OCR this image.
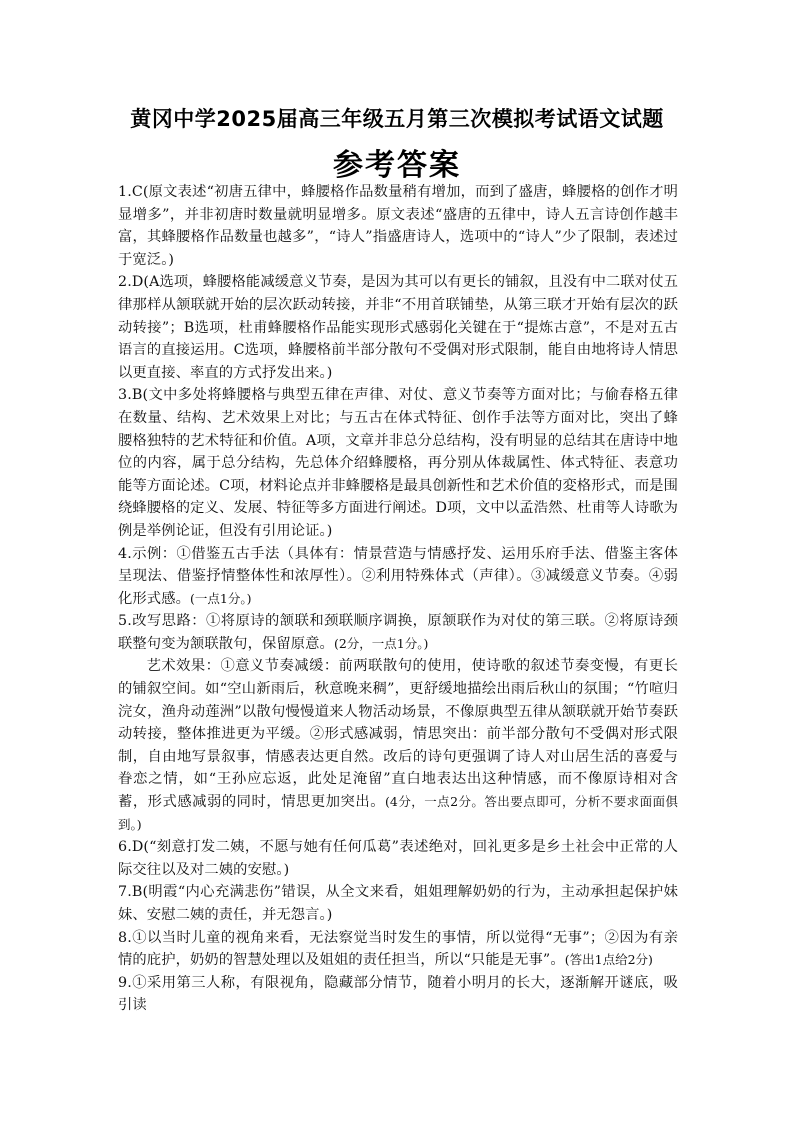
黄冈中学2025届高三年级五月第三次模拟考试语文试题
参考答案

1.C(原文表述“初唐五律中，蜂腰格作品数量稍有增加，而到了盛唐，蜂腰格的创作才明显增多”，并非初唐时数量就明显增多。原文表述“盛唐的五律中，诗人五言诗创作越丰富，其蜂腰格作品数量也越多”，“诗人”指盛唐诗人，选项中的“诗人”少了限制，表述过于宽泛。)

2.D(A选项，蜂腰格能减缓意义节奏，是因为其可以有更长的铺叙，且没有中二联对仗五律那样从颔联就开始的层次跃动转接，并非“不用首联铺垫，从第三联才开始有层次的跃动转接”；B选项，杜甫蜂腰格作品能实现形式感弱化关键在于“提炼古意”，不是对五古语言的直接运用。C选项，蜂腰格前半部分散句不受偶对形式限制，能自由地将诗人情思以更直接、率直的方式抒发出来。)

3.B(文中多处将蜂腰格与典型五律在声律、对仗、意义节奏等方面对比；与偷春格五律在数量、结构、艺术效果上对比；与五古在体式特征、创作手法等方面对比，突出了蜂腰格独特的艺术特征和价值。A项，文章并非总分总结构，没有明显的总结其在唐诗中地位的内容，属于总分结构，先总体介绍蜂腰格，再分别从体裁属性、体式特征、表意功能等方面论述。C项，材料论点并非蜂腰格是最具创新性和艺术价值的変格形式，而是围绕蜂腰格的定义、发展、特征等多方面进行阐述。D项，文中以孟浩然、杜甫等人诗歌为例是举例论证，但没有引用论证。)

4.示例：①借鉴五古手法（具体有：情景营造与情感抒发、运用乐府手法、借鉴主客体呈现法、借鉴抒情整体性和浓厚性）。②利用特殊体式（声律）。③减缓意义节奏。④弱化形式感。(一点1分。)

5.改写思路：①将原诗的颔联和颈联顺序调换，原颔联作为对仗的第三联。②将原诗颈联整句变为颔联散句，保留原意。(2分，一点1分。)

艺术效果：①意义节奏减缓：前两联散句的使用，使诗歌的叙述节奏变慢，有更长的铺叙空间。如“空山新雨后，秋意晚来稠”，更舒缓地描绘出雨后秋山的氛围；“竹喧归浣女，渔舟动莲洲”以散句慢慢道来人物活动场景，不像原典型五律从颔联就开始节奏跃动转接，整体推进更为平缓。②形式感减弱，情思突出：前半部分散句不受偶对形式限制，自由地写景叙事，情感表达更自然。改后的诗句更强调了诗人对山居生活的喜爱与眷恋之情，如“王孙应忘返，此处足淹留”直白地表达出这种情感，而不像原诗相对含蓄，形式感减弱的同时，情思更加突出。(4分，一点2分。答出要点即可，分析不要求面面俱到。)

6.D(“刻意打发二姨，不愿与她有任何瓜葛”表述绝对，回礼更多是乡土社会中正常的人际交往以及对二姨的安慰。)

7.B(明霞“内心充满悲伤”错误，从全文来看，姐姐理解奶奶的行为，主动承担起保护妹妹、安慰二姨的责任，并无怨言。)

8.①以当时儿童的视角来看，无法察觉当时发生的事情，所以觉得“无事”；②因为有亲情的庇护，奶奶的智慧处理以及姐姐的责任担当，所以“只能是无事”。(答出1点给2分)

9.①采用第三人称，有限视角，隐藏部分情节，随着小明月的长大，逐渐解开谜底，吸引读
